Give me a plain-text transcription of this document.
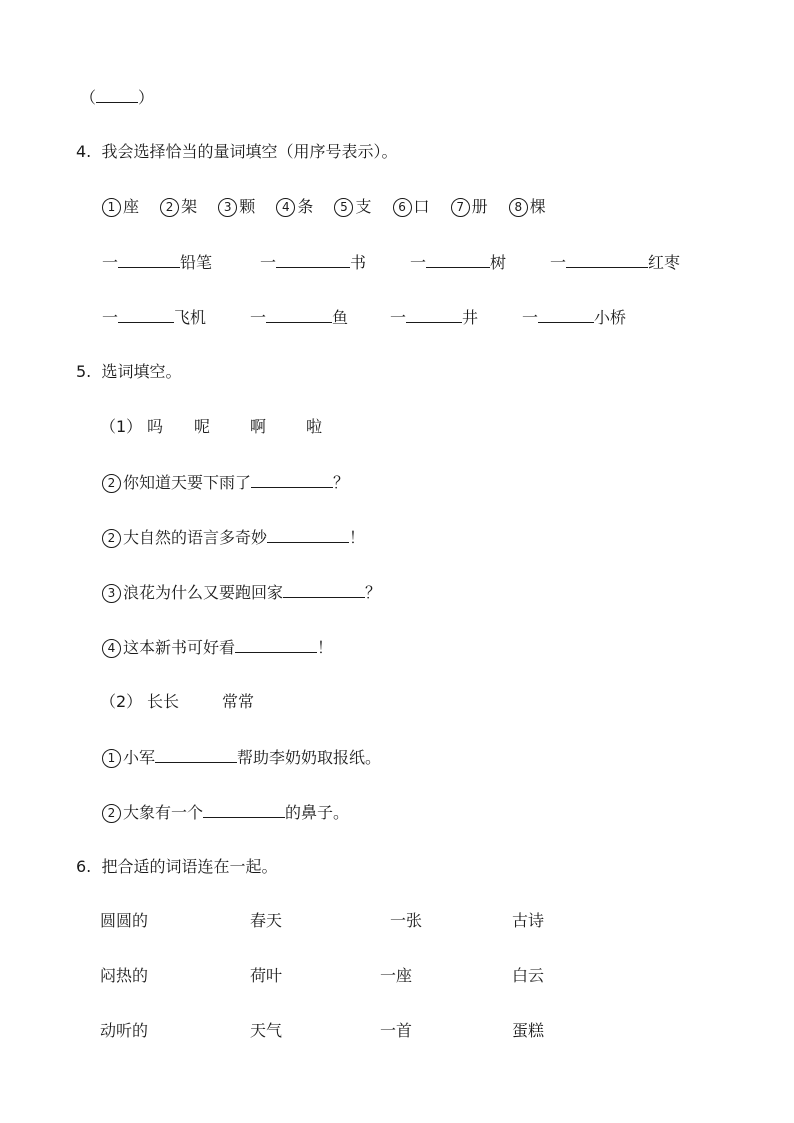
（	）
4. 我会选择恰当的量词填空（用序号表示）。
1 座 2 架 3 颗 4 条 5 支 6 口 7 册 8 棵
一	铅笔	一	书	一	树	一	红枣
一	飞机	一	鱼	一	井	一	小桥
5. 选词填空。
（1） 吗 呢 啊 啦
2 你知道天要下雨了	？
2 大自然的语言多奇妙	！
3 浪花为什么又要跑回家	？
4 这本新书可好看	！
（2） 长长	常常
1 小军	帮助李奶奶取报纸。
2 大象有一个	的鼻子。
6. 把合适的词语连在一起。
圆圆的	春天	一张	古诗
闷热的	荷叶	一座	白云
动听的	天气	一首	蛋糕
